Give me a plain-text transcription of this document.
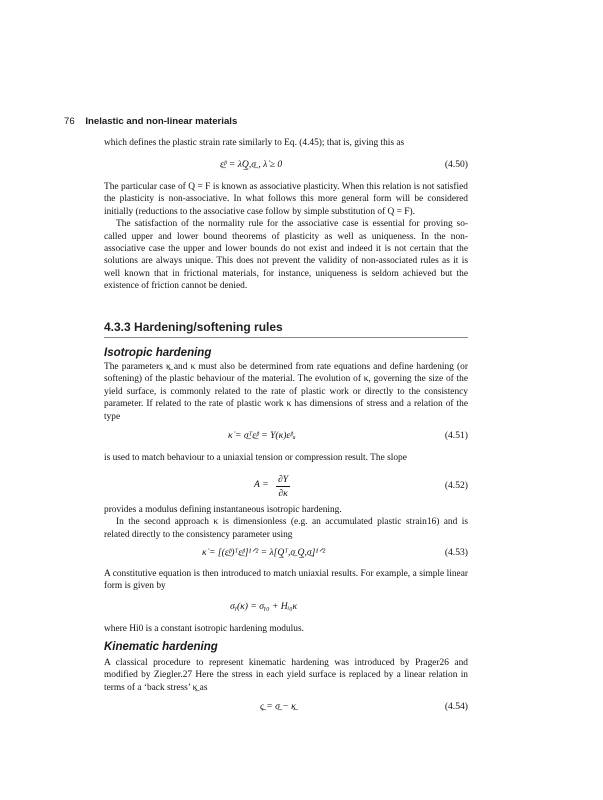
76 Inelastic and non-linear materials

which defines the plastic strain rate similarly to Eq. (4.45); that is, giving this as

ε̲̇ᵖ = λ̇Q̲,σ̲ , λ̇ ≥ 0	(4.50)

The particular case of Q = F is known as associative plasticity. When this relation is not satisfied the plasticity is non-associative. In what follows this more general form will be considered initially (reductions to the associative case follow by simple substitution of Q = F).

The satisfaction of the normality rule for the associative case is essential for proving so-called upper and lower bound theorems of plasticity as well as uniqueness. In the non-associative case the upper and lower bounds do not exist and indeed it is not certain that the solutions are always unique. This does not prevent the validity of non-associated rules as it is well known that in frictional materials, for instance, uniqueness is seldom achieved but the existence of friction cannot be denied.

4.3.3 Hardening/softening rules
Isotropic hardening

The parameters κ̲ and κ must also be determined from rate equations and define hardening (or softening) of the plastic behaviour of the material. The evolution of κ, governing the size of the yield surface, is commonly related to the rate of plastic work or directly to the consistency parameter. If related to the rate of plastic work κ has dimensions of stress and a relation of the type

κ̇ = σ̲ᵀε̲̇ᵖ = Y(κ)ε̇ᵖᵤ	(4.51)

is used to match behaviour to a uniaxial tension or compression result. The slope

$A = \frac{\partial Y}{\partial\kappa}$	(4.52)

provides a modulus defining instantaneous isotropic hardening.

In the second approach κ is dimensionless (e.g. an accumulated plastic strain16) and is related directly to the consistency parameter using

κ̇ = [(ε̲̇ᵖ)ᵀε̲̇ᵖ]¹ᐟ² = λ̇[Q̲ᵀ,σ̲ Q̲,σ̲]¹ᐟ²	(4.53)

A constitutive equation is then introduced to match uniaxial results. For example, a simple linear form is given by

σᵧ(κ) = σᵧ₀ + Hᵢ₀κ

where Hi0 is a constant isotropic hardening modulus.

Kinematic hardening

A classical procedure to represent kinematic hardening was introduced by Prager26 and modified by Ziegler.27 Here the stress in each yield surface is replaced by a linear relation in terms of a ‘back stress’ κ̲ as

ς̲ = σ̲ − κ̲	(4.54)
